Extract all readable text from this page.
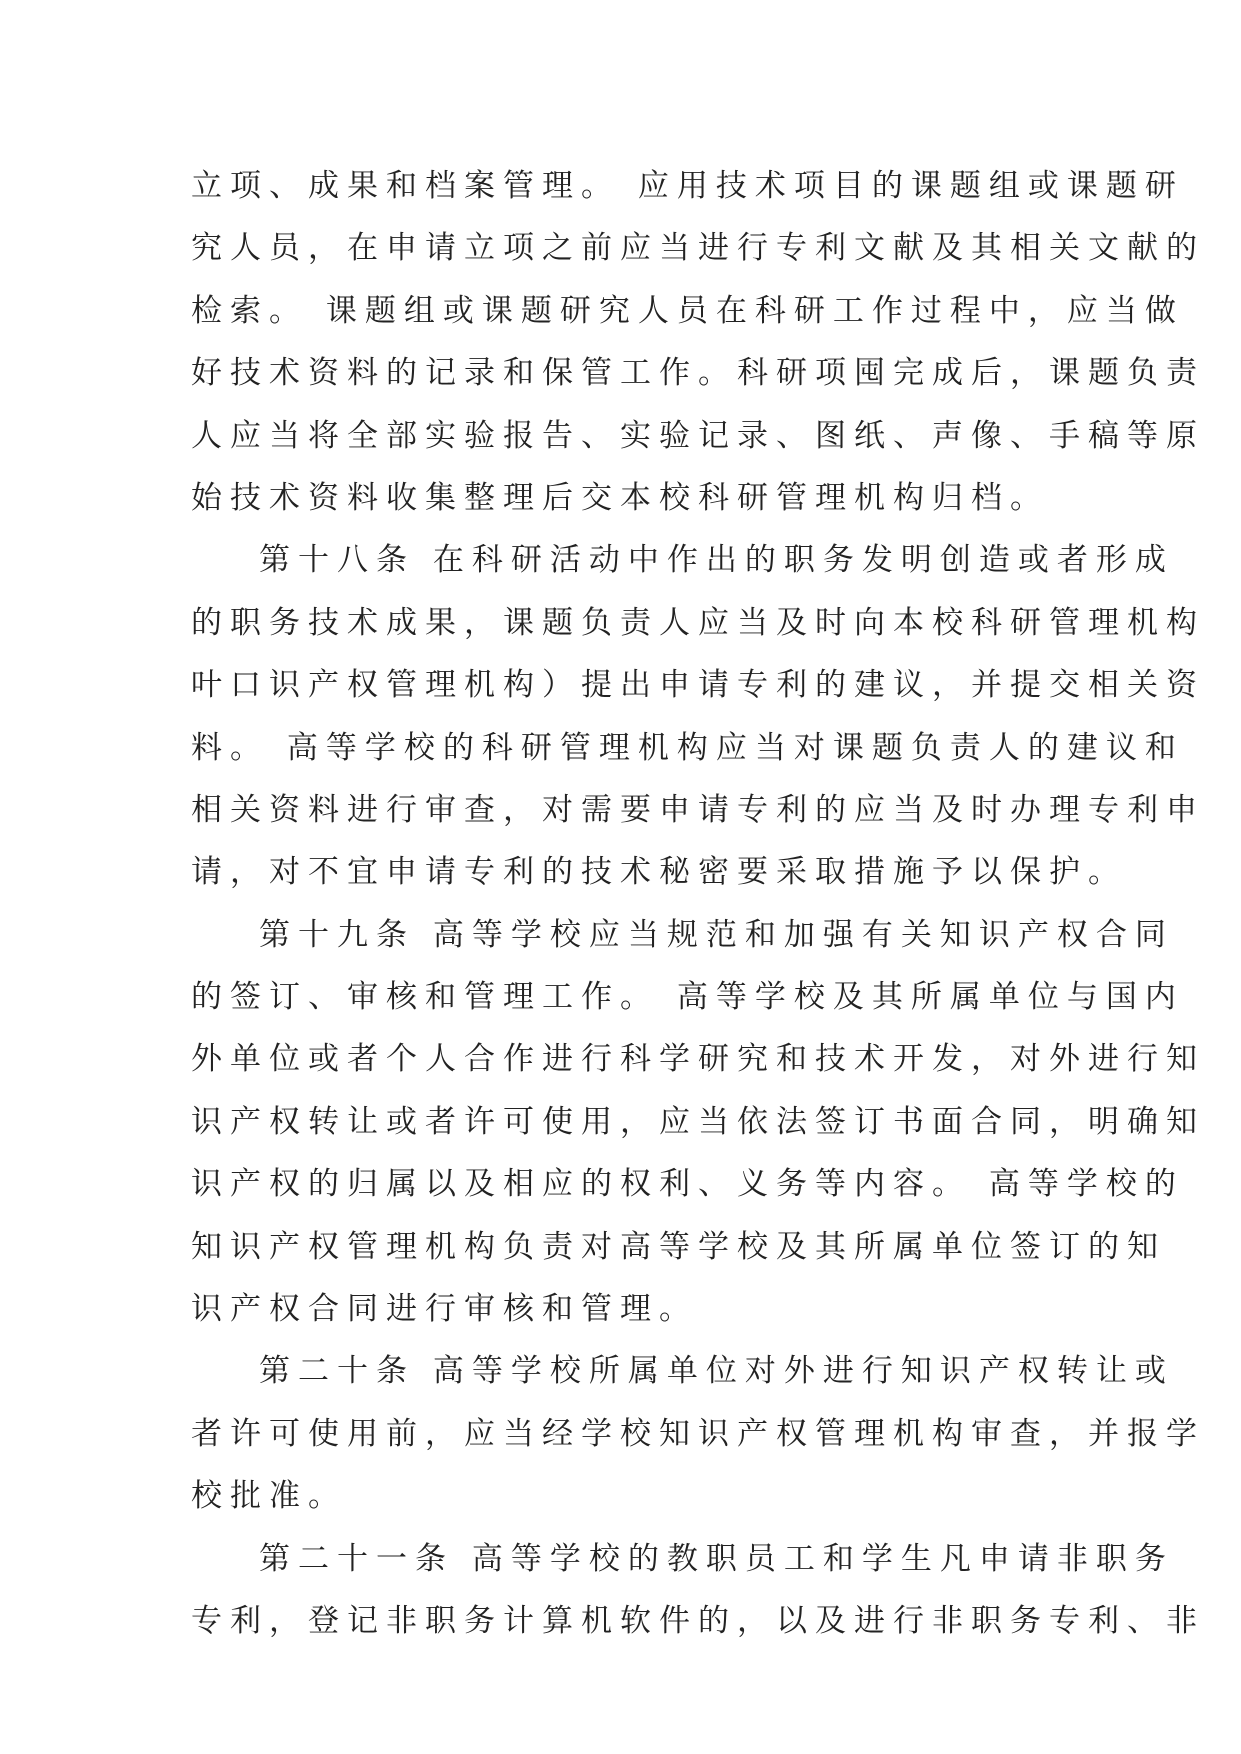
立项、成果和档案管理。 应用技术项目的课题组或课题研
究人员，在申请立项之前应当进行专利文献及其相关文献的
检索。 课题组或课题研究人员在科研工作过程中，应当做
好技术资料的记录和保管工作。科研项囤完成后，课题负责
人应当将全部实验报告、实验记录、图纸、声像、手稿等原
始技术资料收集整理后交本校科研管理机构归档。
第十八条 在科研活动中作出的职务发明创造或者形成
的职务技术成果，课题负责人应当及时向本校科研管理机构
叶口识产权管理机构）提出申请专利的建议，并提交相关资
料。 高等学校的科研管理机构应当对课题负责人的建议和
相关资料进行审查，对需要申请专利的应当及时办理专利申
请，对不宜申请专利的技术秘密要采取措施予以保护。
第十九条 高等学校应当规范和加强有关知识产权合同
的签订、审核和管理工作。 高等学校及其所属单位与国内
外单位或者个人合作进行科学研究和技术开发，对外进行知
识产权转让或者许可使用，应当依法签订书面合同，明确知
识产权的归属以及相应的权利、义务等内容。 高等学校的
知识产权管理机构负责对高等学校及其所属单位签订的知
识产权合同进行审核和管理。
第二十条 高等学校所属单位对外进行知识产权转让或
者许可使用前，应当经学校知识产权管理机构审查，并报学
校批准。
第二十一条 高等学校的教职员工和学生凡申请非职务
专利，登记非职务计算机软件的，以及进行非职务专利、非
